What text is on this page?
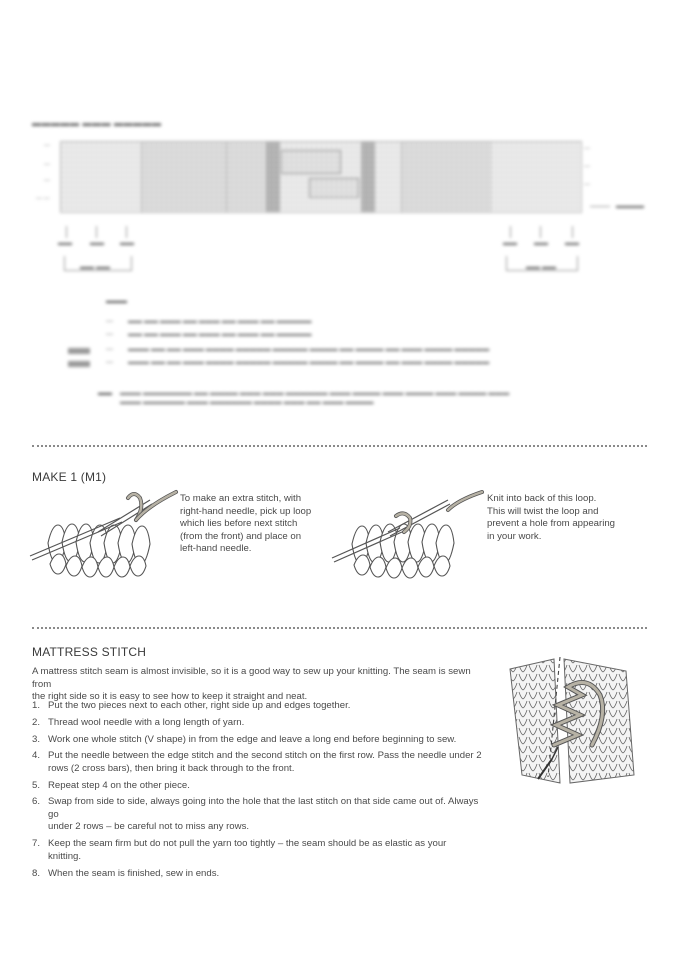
▬▬▬▬▬ ▬▬▬ ▬▬▬▬▬
—
—
—
— —
—
—
—
▬▬▬▬
▬▬	▬▬ ▬▬	▬▬ ▬▬ ▬▬
▬▬ ▬▬	▬▬ ▬▬
▬▬▬
— ▬▬ ▬▬ ▬▬▬ ▬▬ ▬▬▬ ▬▬ ▬▬▬ ▬▬ ▬▬▬▬▬
— ▬▬ ▬▬ ▬▬▬ ▬▬ ▬▬▬ ▬▬ ▬▬▬ ▬▬ ▬▬▬▬▬
— ▬▬▬ ▬▬ ▬▬ ▬▬▬ ▬▬▬▬ ▬▬▬▬▬ ▬▬▬▬▬ ▬▬▬▬ ▬▬ ▬▬▬▬ ▬▬ ▬▬▬ ▬▬▬▬ ▬▬▬▬▬
— ▬▬▬ ▬▬ ▬▬ ▬▬▬ ▬▬▬▬ ▬▬▬▬▬ ▬▬▬▬▬ ▬▬▬▬ ▬▬ ▬▬▬▬ ▬▬ ▬▬▬ ▬▬▬▬ ▬▬▬▬▬
▬▬ ▬▬▬ ▬▬▬▬▬▬▬ ▬▬ ▬▬▬▬ ▬▬▬ ▬▬▬ ▬▬▬▬▬▬ ▬▬▬ ▬▬▬▬ ▬▬▬ ▬▬▬▬ ▬▬▬ ▬▬▬▬ ▬▬▬
▬▬▬ ▬▬▬▬▬▬ ▬▬▬ ▬▬▬▬▬▬ ▬▬▬▬ ▬▬▬ ▬▬ ▬▬▬ ▬▬▬▬
MAKE 1 (M1)
To make an extra stitch, with
right-hand needle, pick up loop
which lies before next stitch
(from the front) and place on
left-hand needle.
Knit into back of this loop.
This will twist the loop and
prevent a hole from appearing
in your work.
MATTRESS STITCH
A mattress stitch seam is almost invisible, so it is a good way to sew up your knitting. The seam is sewn from
the right side so it is easy to see how to keep it straight and neat.
1. Put the two pieces next to each other, right side up and edges together.
2. Thread wool needle with a long length of yarn.
3. Work one whole stitch (V shape) in from the edge and leave a long end before beginning to sew.
4. Put the needle between the edge stitch and the second stitch on the first row. Pass the needle under 2
rows (2 cross bars), then bring it back through to the front.
5. Repeat step 4 on the other piece.
6. Swap from side to side, always going into the hole that the last stitch on that side came out of. Always go
under 2 rows – be careful not to miss any rows.
7. Keep the seam firm but do not pull the yarn too tightly – the seam should be as elastic as your knitting.
8. When the seam is finished, sew in ends.
